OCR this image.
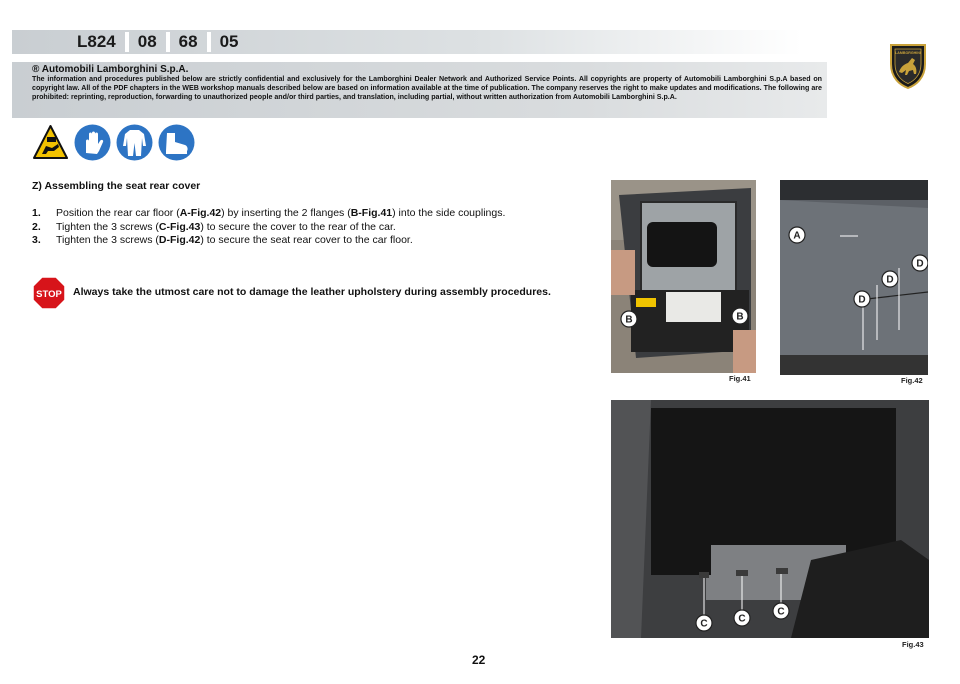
L824	08	68	05
LAMBORGHINI
® Automobili Lamborghini S.p.A.
The information and procedures published below are strictly confidential and exclusively for the Lamborghini Dealer Network and Authorized Service Points. All copyrights are property of Automobili Lamborghini S.p.A based on copyright law. All of the PDF chapters in the WEB workshop manuals described below are based on information available at the time of publication. The company reserves the right to make updates and modifications. The following are prohibited: reprinting, reproduction, forwarding to unauthorized people and/or third parties, and translation, including partial, without written authorization from Automobili Lamborghini S.p.A.
Z) Assembling the seat rear cover
1.	Position the rear car floor (A-Fig.42) by inserting the 2 flanges (B-Fig.41) into the side couplings.
2.	Tighten the 3 screws (C-Fig.43) to secure the cover to the rear of the car.
3.	Tighten the 3 screws (D-Fig.42) to secure the seat rear cover to the car floor.
STOP Always take the utmost care not to damage the leather upholstery during assembly procedures.
B	B
Fig.41
A
D
D
D
Fig.42
C	C
C
Fig.43
22
